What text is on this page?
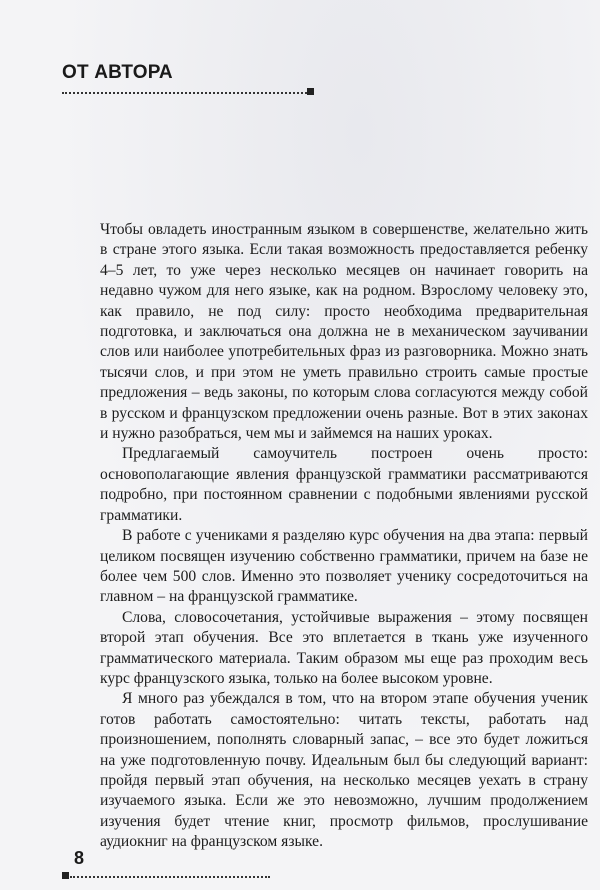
ОТ АВТОРА

Чтобы овладеть иностранным языком в совершенстве, желательно жить в стране этого языка. Если такая возможность предоставляется ребенку 4–5 лет, то уже через несколько месяцев он начинает говорить на недавно чужом для него языке, как на родном. Взрослому человеку это, как правило, не под силу: просто необходима предварительная подготовка, и заключаться она должна не в механическом заучивании слов или наиболее употребительных фраз из разговорника. Можно знать тысячи слов, и при этом не уметь правильно строить самые простые предложения – ведь законы, по которым слова согласуются между собой в русском и французском предложении очень разные. Вот в этих законах и нужно разобраться, чем мы и займемся на наших уроках.

Предлагаемый самоучитель построен очень просто: основополагающие явления французской грамматики рассматриваются подробно, при постоянном сравнении с подобными явлениями русской грамматики.

В работе с учениками я разделяю курс обучения на два этапа: первый целиком посвящен изучению собственно грамматики, причем на базе не более чем 500 слов. Именно это позволяет ученику сосредоточиться на главном – на французской грамматике.

Слова, словосочетания, устойчивые выражения – этому посвящен второй этап обучения. Все это вплетается в ткань уже изученного грамматического материала. Таким образом мы еще раз проходим весь курс французского языка, только на более высоком уровне.

Я много раз убеждался в том, что на втором этапе обучения ученик готов работать самостоятельно: читать тексты, работать над произношением, пополнять словарный запас, – все это будет ложиться на уже подготовленную почву. Идеальным был бы следующий вариант: пройдя первый этап обучения, на несколько месяцев уехать в страну изучаемого языка. Если же это невозможно, лучшим продолжением изучения будет чтение книг, просмотр фильмов, прослушивание аудиокниг на французском языке.

8
